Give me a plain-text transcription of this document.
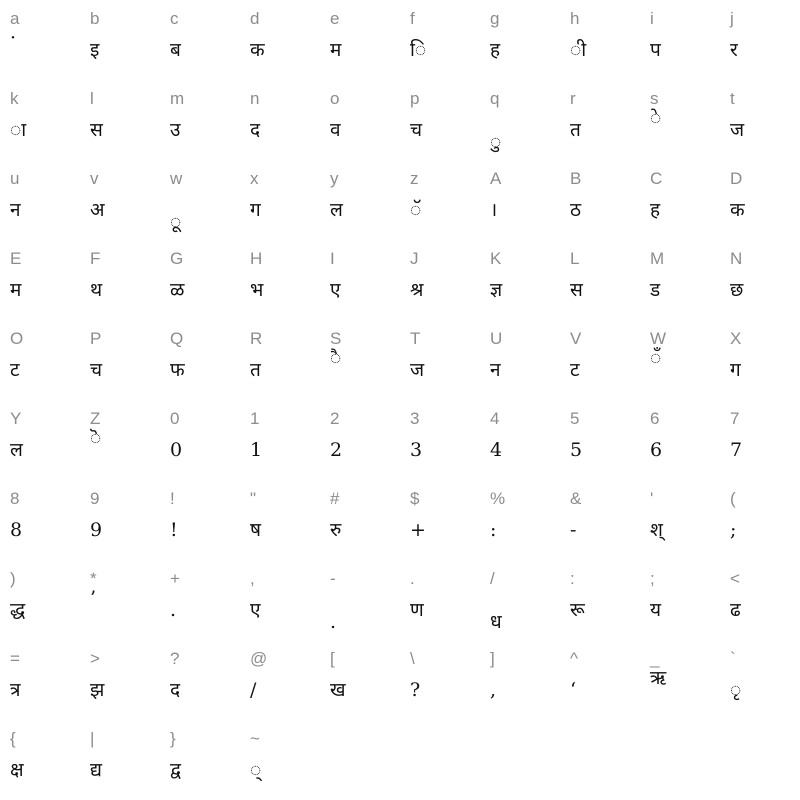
a
·
b
इ
c
ब
d
क
e
म
f
ि
g
ह
h
ी
i
प
j
र
k
ा
l
स
m
उ
n
द
o
व
p
च
q
ु
r
त
s
े
t
ज
u
न
v
अ
w
ू
x
ग
y
ल
z
ॅ
A
।
B
ठ
C
ह
D
क
E
म
F
थ
G
ळ
H
भ
I
ए
J
श्र
K
ज्ञ
L
स
M
ड
N
छ
O
ट
P
च
Q
फ
R
त
S
ै
T
ज
U
न
V
ट
W
ँ
X
ग
Y
ल
Z
ॆ
0
0
1
1
2
2
3
3
4
4
5
5
6
6
7
7
8
8
9
9
!
!
"
ष
#
रु
$
+
%
:
&
-
'
श्
(
;
)
द्ध
*
’
+
.
,
ए
-
.
.
ण
/
ध
:
रू
;
य
<
ढ
=
त्र
>
झ
?
द
@
/
[
ख
\
?
]
,
^
‘
_
ऋ
`
ृ
{
क्ष
|
द्य
}
द्व
~
्
